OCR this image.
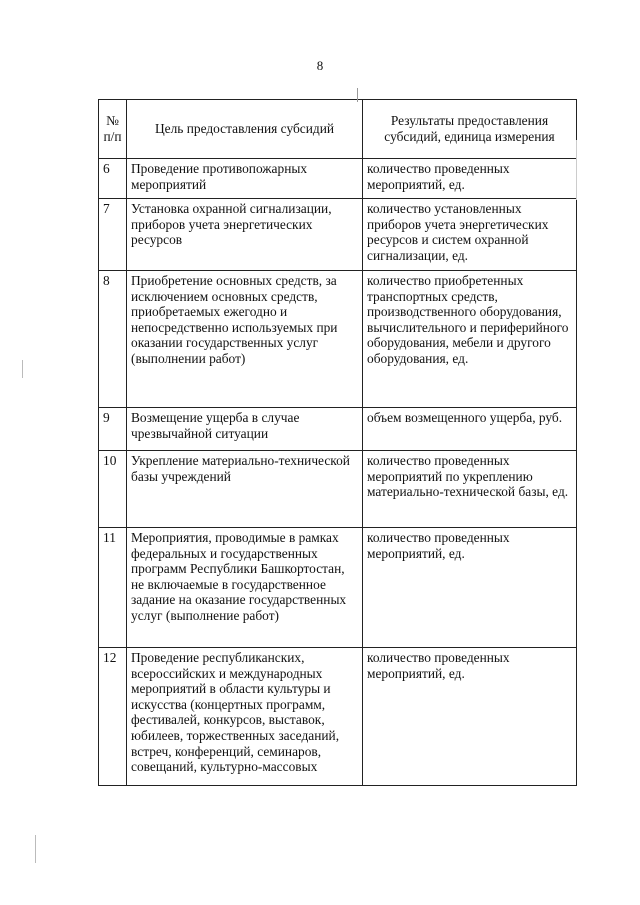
8
№ п/п	Цель предоставления субсидий	Результаты предоставления субсидий, единица измерения
6	Проведение противопожарных мероприятий	количество проведенных мероприятий, ед.
7	Установка охранной сигнализации, приборов учета энергетических ресурсов	количество установленных приборов учета энергетических ресурсов и систем охранной сигнализации, ед.
8	Приобретение основных средств, за исключением основных средств, приобретаемых ежегодно и непосредственно используемых при оказании государственных услуг (выполнении работ)	количество приобретенных транспортных средств, производственного оборудования, вычислительного и периферийного оборудования, мебели и другого оборудования, ед.
9	Возмещение ущерба в случае чрезвычайной ситуации	объем возмещенного ущерба, руб.
10	Укрепление материально-технической базы учреждений	количество проведенных мероприятий по укреплению материально-технической базы, ед.
11	Мероприятия, проводимые в рамках федеральных и государственных программ Республики Башкортостан, не включаемые в государственное задание на оказание государственных услуг (выполнение работ)	количество проведенных мероприятий, ед.
12	Проведение республиканских, всероссийских и международных мероприятий в области культуры и искусства (концертных программ, фестивалей, конкурсов, выставок, юбилеев, торжественных заседаний, встреч, конференций, семинаров, совещаний, культурно-массовых	количество проведенных мероприятий, ед.
